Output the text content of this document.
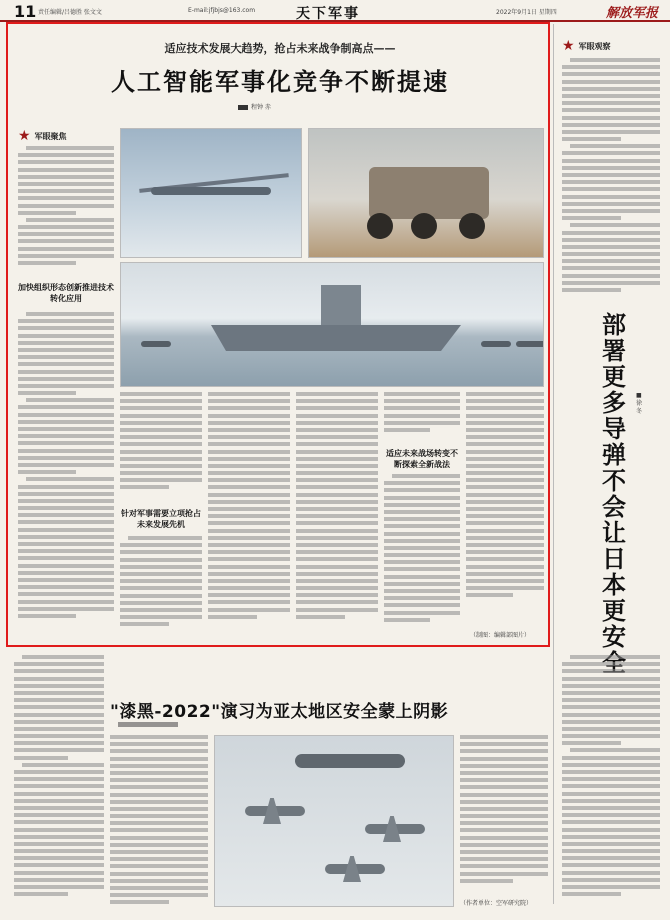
11 责任编辑/吕德胜 张文文	E-mail:jfjbjs@163.com	天下军事	2022年9月1日 星期四	解放军报
适应技术发展大趋势，抢占未来战争制高点——
人工智能军事化竞争不断提速
程钟 赤
★ 军眼聚焦
加快组织形态创新推进技术转化应用
针对军事需要立项抢占未来发展先机
适应未来战场转变不断探索全新战法
（制图：编辑部图片）
★ 军眼观察
部署更多导弹不会让日本更安全
■ 徐 冬
"漆黑-2022"演习为亚太地区安全蒙上阴影
（作者单位：空军研究院）
